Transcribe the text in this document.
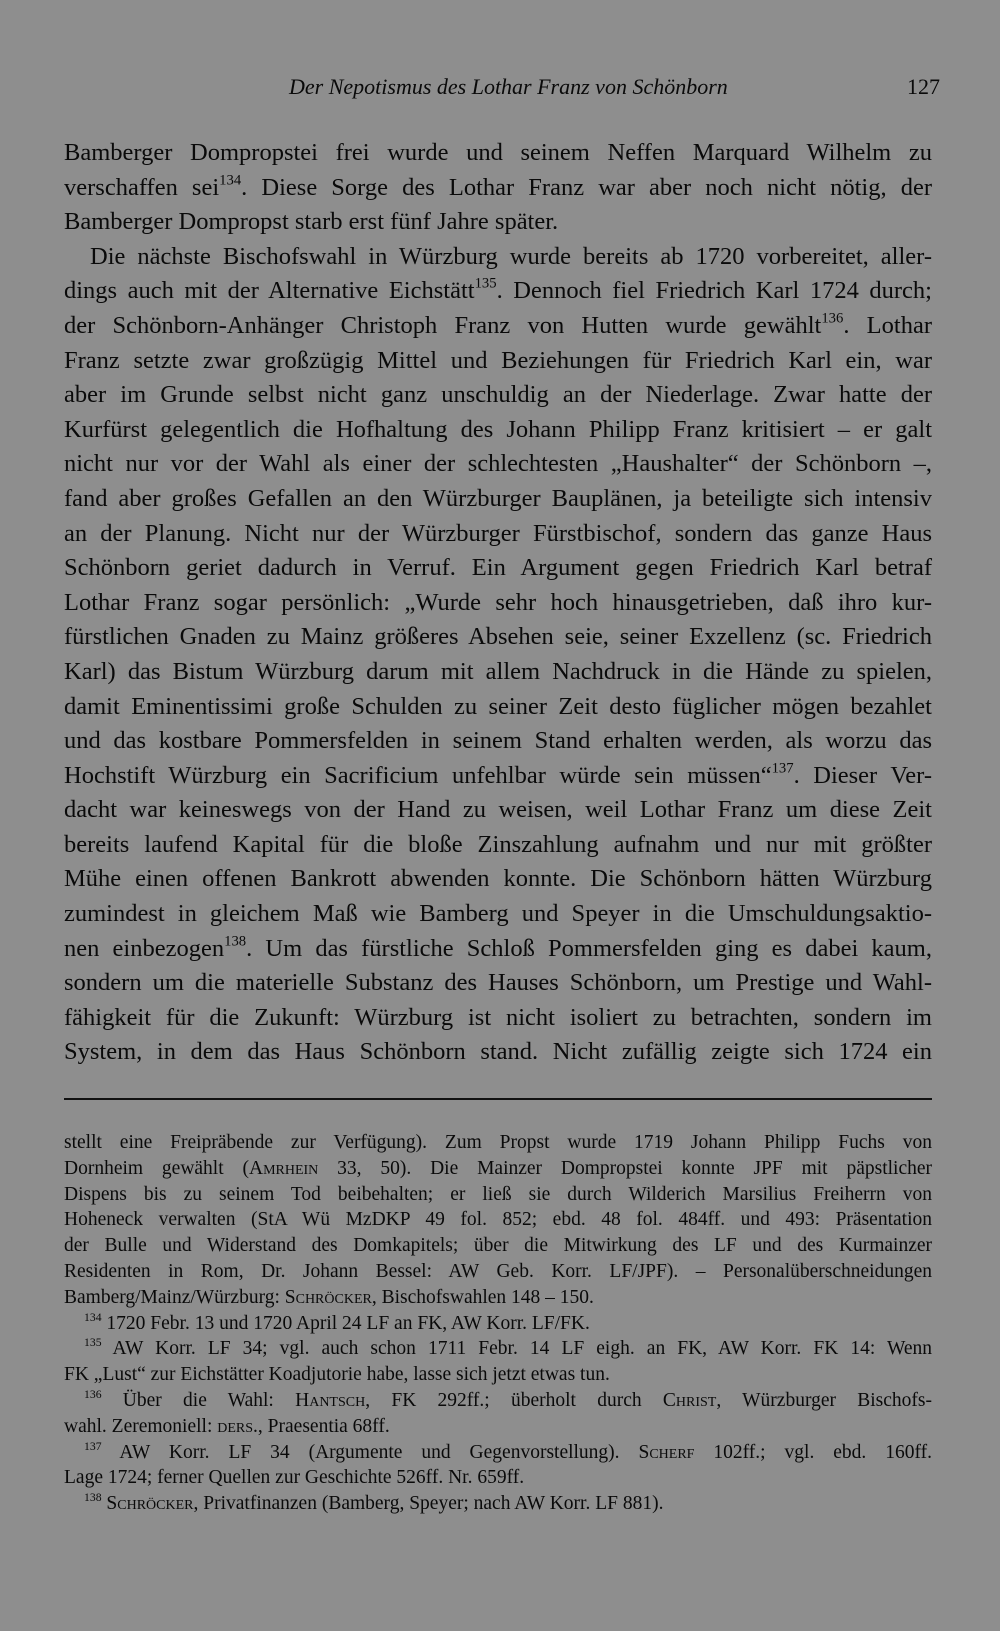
Der Nepotismus des Lothar Franz von Schönborn	127
Bamberger Dompropstei frei wurde und seinem Neffen Marquard Wilhelm zu
verschaffen sei$^{134}$. Diese Sorge des Lothar Franz war aber noch nicht nötig, der
Bamberger Dompropst starb erst fünf Jahre später.
Die nächste Bischofswahl in Würzburg wurde bereits ab 1720 vorbereitet, aller-
dings auch mit der Alternative Eichstätt$^{135}$. Dennoch fiel Friedrich Karl 1724 durch;
der Schönborn-Anhänger Christoph Franz von Hutten wurde gewählt$^{136}$. Lothar
Franz setzte zwar großzügig Mittel und Beziehungen für Friedrich Karl ein, war
aber im Grunde selbst nicht ganz unschuldig an der Niederlage. Zwar hatte der
Kurfürst gelegentlich die Hofhaltung des Johann Philipp Franz kritisiert – er galt
nicht nur vor der Wahl als einer der schlechtesten „Haushalter“ der Schönborn –,
fand aber großes Gefallen an den Würzburger Bauplänen, ja beteiligte sich intensiv
an der Planung. Nicht nur der Würzburger Fürstbischof, sondern das ganze Haus
Schönborn geriet dadurch in Verruf. Ein Argument gegen Friedrich Karl betraf
Lothar Franz sogar persönlich: „Wurde sehr hoch hinausgetrieben, daß ihro kur-
fürstlichen Gnaden zu Mainz größeres Absehen seie, seiner Exzellenz (sc. Friedrich
Karl) das Bistum Würzburg darum mit allem Nachdruck in die Hände zu spielen,
damit Eminentissimi große Schulden zu seiner Zeit desto füglicher mögen bezahlet
und das kostbare Pommersfelden in seinem Stand erhalten werden, als worzu das
Hochstift Würzburg ein Sacrificium unfehlbar würde sein müssen“$^{137}$. Dieser Ver-
dacht war keineswegs von der Hand zu weisen, weil Lothar Franz um diese Zeit
bereits laufend Kapital für die bloße Zinszahlung aufnahm und nur mit größter
Mühe einen offenen Bankrott abwenden konnte. Die Schönborn hätten Würzburg
zumindest in gleichem Maß wie Bamberg und Speyer in die Umschuldungsaktio-
nen einbezogen$^{138}$. Um das fürstliche Schloß Pommersfelden ging es dabei kaum,
sondern um die materielle Substanz des Hauses Schönborn, um Prestige und Wahl-
fähigkeit für die Zukunft: Würzburg ist nicht isoliert zu betrachten, sondern im
System, in dem das Haus Schönborn stand. Nicht zufällig zeigte sich 1724 ein
stellt eine Freipräbende zur Verfügung). Zum Propst wurde 1719 Johann Philipp Fuchs von
Dornheim gewählt (Amrhein 33, 50). Die Mainzer Dompropstei konnte JPF mit päpstlicher
Dispens bis zu seinem Tod beibehalten; er ließ sie durch Wilderich Marsilius Freiherrn von
Hoheneck verwalten (StA Wü MzDKP 49 fol. 852; ebd. 48 fol. 484ff. und 493: Präsentation
der Bulle und Widerstand des Domkapitels; über die Mitwirkung des LF und des Kurmainzer
Residenten in Rom, Dr. Johann Bessel: AW Geb. Korr. LF/JPF). – Personalüberschneidungen
Bamberg/Mainz/Würzburg: Schröcker, Bischofswahlen 148 – 150.
$^{134}$ 1720 Febr. 13 und 1720 April 24 LF an FK, AW Korr. LF/FK.
$^{135}$ AW Korr. LF 34; vgl. auch schon 1711 Febr. 14 LF eigh. an FK, AW Korr. FK 14: Wenn
FK „Lust“ zur Eichstätter Koadjutorie habe, lasse sich jetzt etwas tun.
$^{136}$ Über die Wahl: Hantsch, FK 292ff.; überholt durch Christ, Würzburger Bischofs-
wahl. Zeremoniell: ders., Praesentia 68ff.
$^{137}$ AW Korr. LF 34 (Argumente und Gegenvorstellung). Scherf 102ff.; vgl. ebd. 160ff.
Lage 1724; ferner Quellen zur Geschichte 526ff. Nr. 659ff.
$^{138}$ Schröcker, Privatfinanzen (Bamberg, Speyer; nach AW Korr. LF 881).
